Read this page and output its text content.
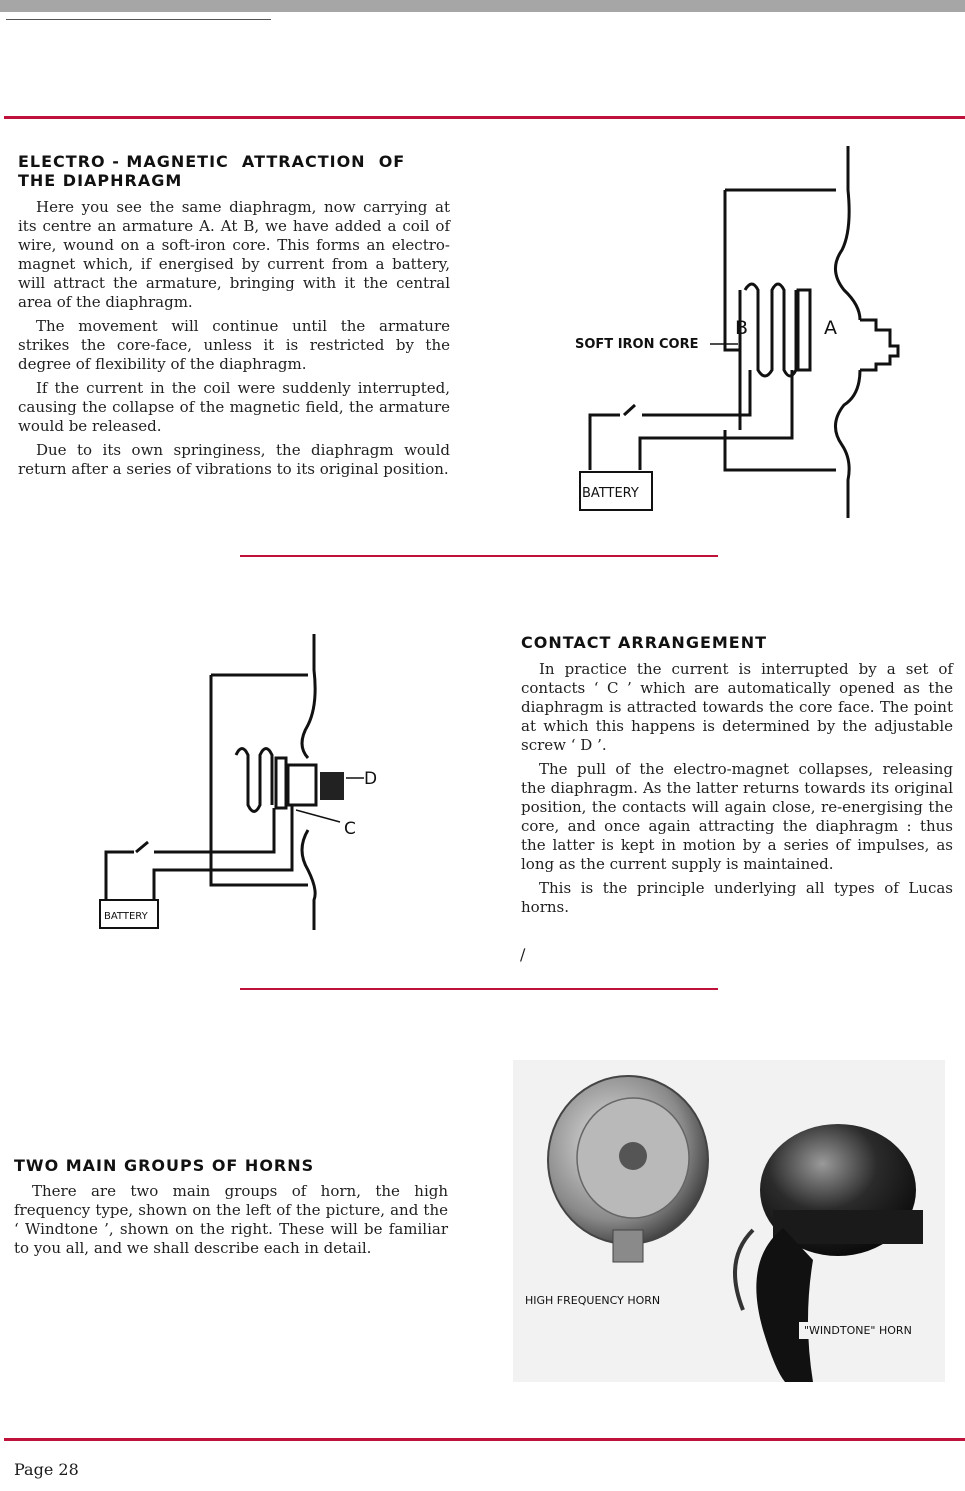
ELECTRO - MAGNETIC  ATTRACTION  OF
THE DIAPHRAGM

Here you see the same diaphragm, now carrying at its centre an armature A. At B, we have added a coil of wire, wound on a soft-iron core. This forms an electro-magnet which, if energised by current from a battery, will attract the armature, bringing with it the central area of the diaphragm.

The movement will continue until the armature strikes the core-face, unless it is restricted by the degree of flexibility of the diaphragm.

If the current in the coil were suddenly interrupted, causing the collapse of the magnetic field, the armature would be released.

Due to its own springiness, the diaphragm would return after a series of vibrations to its original position.

SOFT IRON CORE
B	A
BATTERY
D
C
BATTERY
CONTACT ARRANGEMENT

In practice the current is interrupted by a set of contacts ‘ C ’ which are automatically opened as the diaphragm is attracted towards the core face. The point at which this happens is determined by the adjustable screw ‘ D ’.

The pull of the electro-magnet collapses, releasing the diaphragm. As the latter returns towards its original position, the contacts will again close, re-energising the core, and once again attracting the diaphragm : thus the latter is kept in motion by a series of impulses, as long as the current supply is maintained.

This is the principle underlying all types of Lucas horns.

∕
TWO MAIN GROUPS OF HORNS

There are two main groups of horn, the high frequency type, shown on the left of the picture, and the ‘ Windtone ’, shown on the right. These will be familiar to you all, and we shall describe each in detail.

HIGH FREQUENCY HORN
"WINDTONE" HORN
Page 28
